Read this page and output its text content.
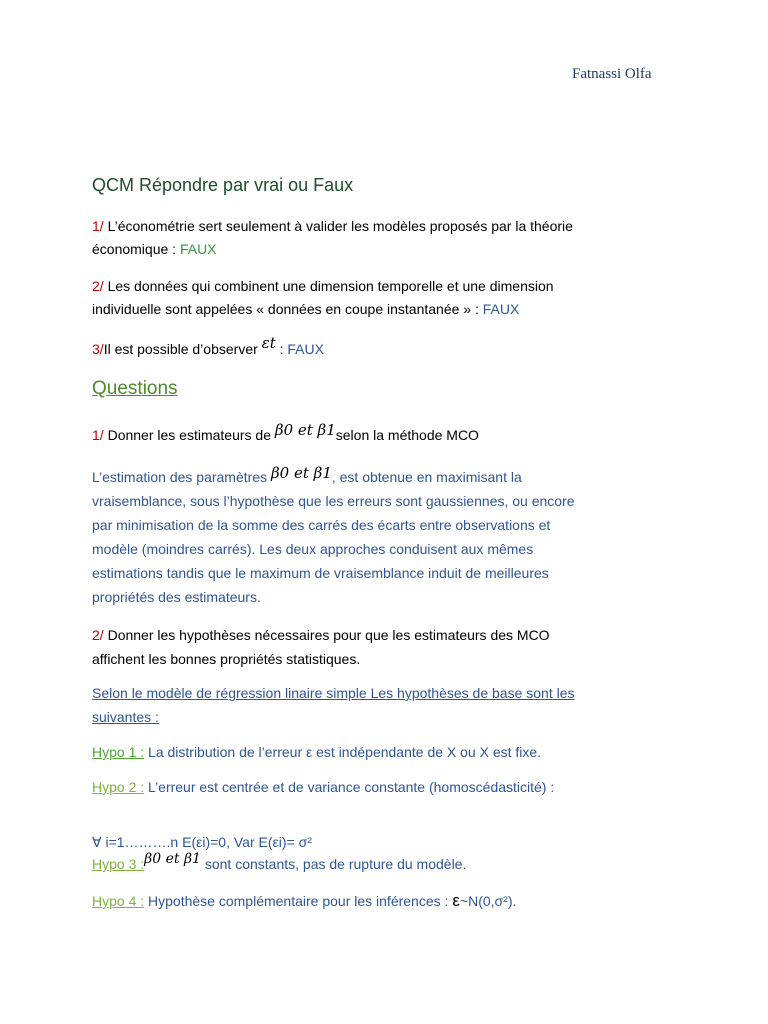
Fatnassi Olfa
QCM Répondre par vrai ou Faux
1/ L’économétrie sert seulement à valider les modèles proposés par la théorie
économique : FAUX
2/ Les données qui combinent une dimension temporelle et une dimension
individuelle sont appelées « données en coupe instantanée » : FAUX
3/Il est possible d’observer εt : FAUX
Questions
1/ Donner les estimateurs de β0 et β1selon la méthode MCO
L’estimation des paramètres β0 et β1, est obtenue en maximisant la
vraisemblance, sous l’hypothèse que les erreurs sont gaussiennes, ou encore
par minimisation de la somme des carrés des écarts entre observations et
modèle (moindres carrés). Les deux approches conduisent aux mêmes
estimations tandis que le maximum de vraisemblance induit de meilleures
propriétés des estimateurs.
2/ Donner les hypothèses nécessaires pour que les estimateurs des MCO
affichent les bonnes propriétés statistiques.
Selon le modèle de régression linaire simple Les hypothèses de base sont les
suivantes :
Hypo 1 : La distribution de l’erreur ε est indépendante de X ou X est fixe.
Hypo 2 : L’erreur est centrée et de variance constante (homoscédasticité) :
∀ i=1……….n E(εi)=0, Var E(εi)= σ²
Hypo 3 :β0 et β1 sont constants, pas de rupture du modèle.
Hypo 4 : Hypothèse complémentaire pour les inférences : ε~N(0,σ²).
